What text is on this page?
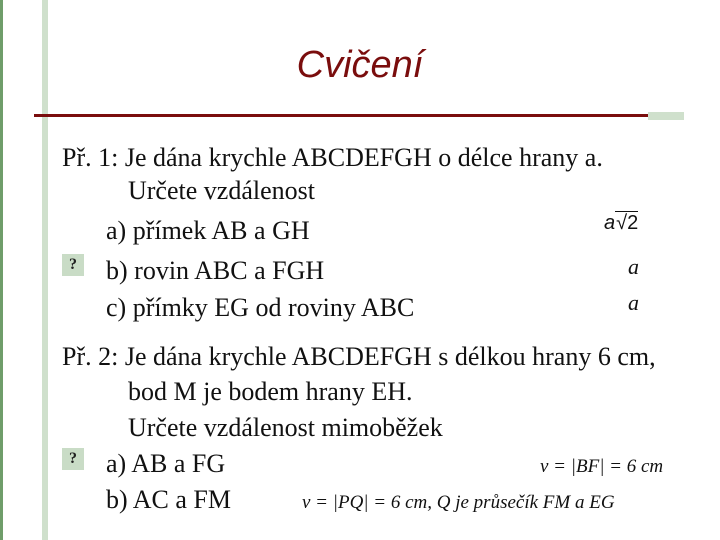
Cvičení
Př. 1: Je dána krychle ABCDEFGH o délce hrany a.
Určete vzdálenost
a) přímek AB a GH
? b) rovin ABC a FGH
c) přímky EG od roviny ABC
a√2
a
a
Př. 2: Je dána krychle ABCDEFGH s délkou hrany 6 cm,
bod M je bodem hrany EH.
Určete vzdálenost mimoběžek
? a) AB a FG
b) AC a FM
v = |BF| = 6 cm
v = |PQ| = 6 cm, Q je průsečík FM a EG
